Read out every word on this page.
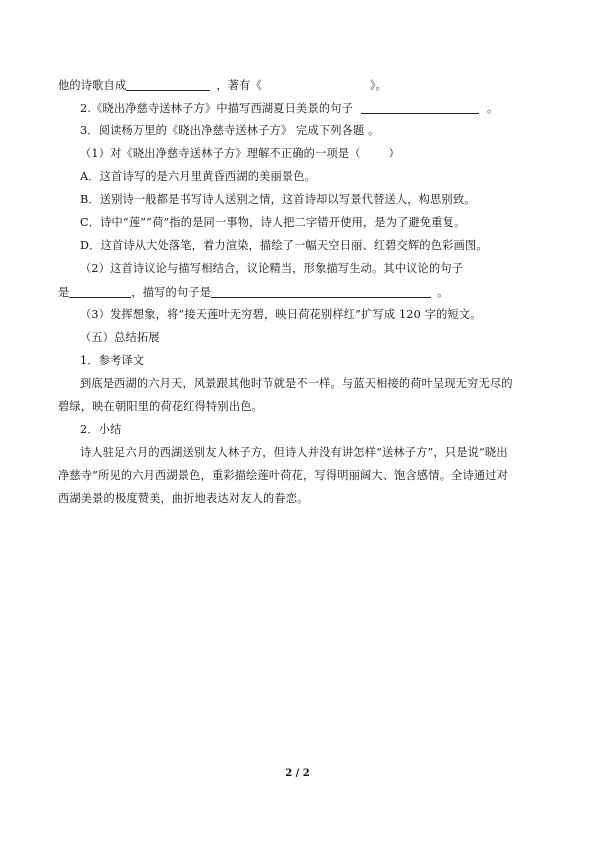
他的诗歌自成	，著有《	》。
2.《晓出净慈寺送林子方》中描写西湖夏日美景的句子	。
3．阅读杨万里的《晓出净慈寺送林子方》 完成下列各题 。
（1）对《晓出净慈寺送林子方》理解不正确的一项是（	）
A．这首诗写的是六月里黄昏西湖的美丽景色。
B．送别诗一般都是书写诗人送别之情，这首诗却以写景代替送人，构思别致。
C．诗中“莲”“荷”指的是同一事物，诗人把二字错开使用，是为了避免重复。
D．这首诗从大处落笔，着力渲染，描绘了一幅天空日丽、红碧交辉的色彩画图。
（2）这首诗议论与描写相结合，议论精当，形象描写生动。其中议论的句子
是	，描写的句子是	。
（3）发挥想象，将“接天莲叶无穷碧，映日荷花别样红”扩写成 120 字的短文。
（五）总结拓展
1．参考译文
到底是西湖的六月天，风景跟其他时节就是不一样。与蓝天相接的荷叶呈现无穷无尽的
碧绿，映在朝阳里的荷花红得特别出色。
2．小结
诗人驻足六月的西湖送别友人林子方，但诗人并没有讲怎样“送林子方”，只是说“晓出
净慈寺”所见的六月西湖景色，重彩描绘莲叶荷花，写得明丽阔大、饱含感情。全诗通过对
西湖美景的极度赞美，曲折地表达对友人的眷恋。
2 / 2
